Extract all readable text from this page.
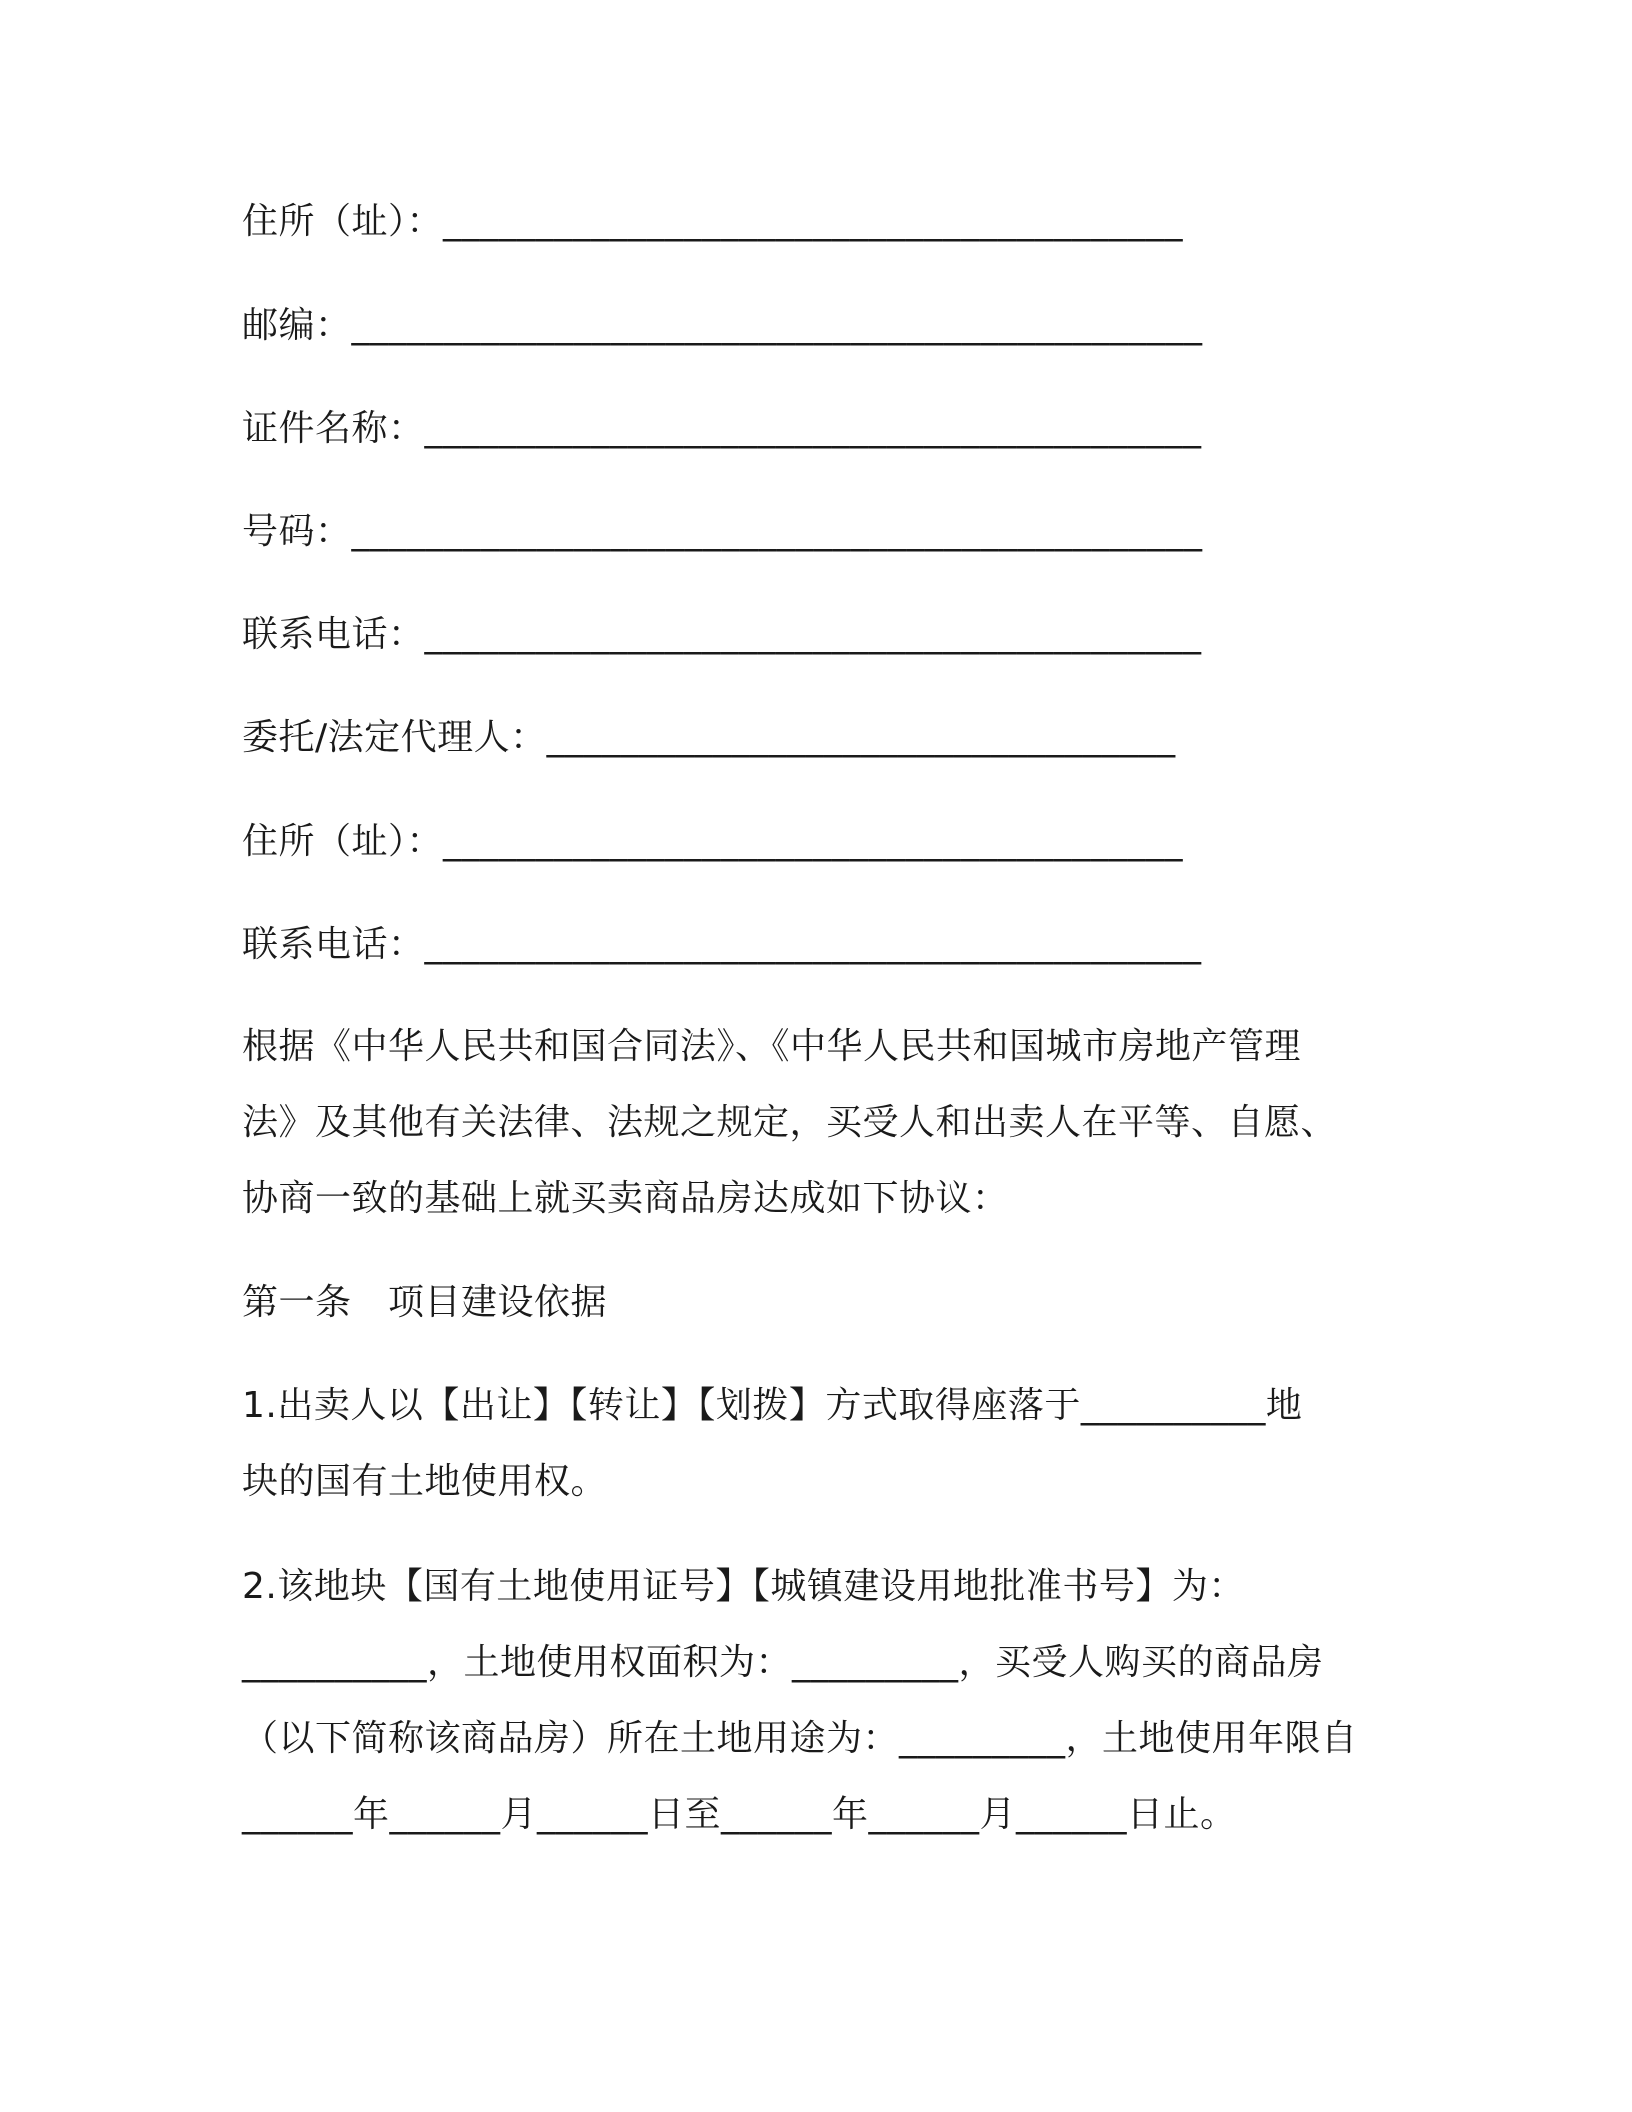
住所（址）：________________________________________
邮编：______________________________________________
证件名称：__________________________________________
号码：______________________________________________
联系电话：__________________________________________
委托/法定代理人：__________________________________
住所（址）：________________________________________
联系电话：__________________________________________
根据《中华人民共和国合同法》、《中华人民共和国城市房地产管理
法》及其他有关法律、法规之规定，买受人和出卖人在平等、自愿、
协商一致的基础上就买卖商品房达成如下协议：
第一条　项目建设依据
1.出卖人以【出让】【转让】【划拨】方式取得座落于__________地
块的国有土地使用权。
2.该地块【国有土地使用证号】【城镇建设用地批准书号】为：
__________，土地使用权面积为：_________，买受人购买的商品房
（以下简称该商品房）所在土地用途为：_________，土地使用年限自
______年______月______日至______年______月______日止。
